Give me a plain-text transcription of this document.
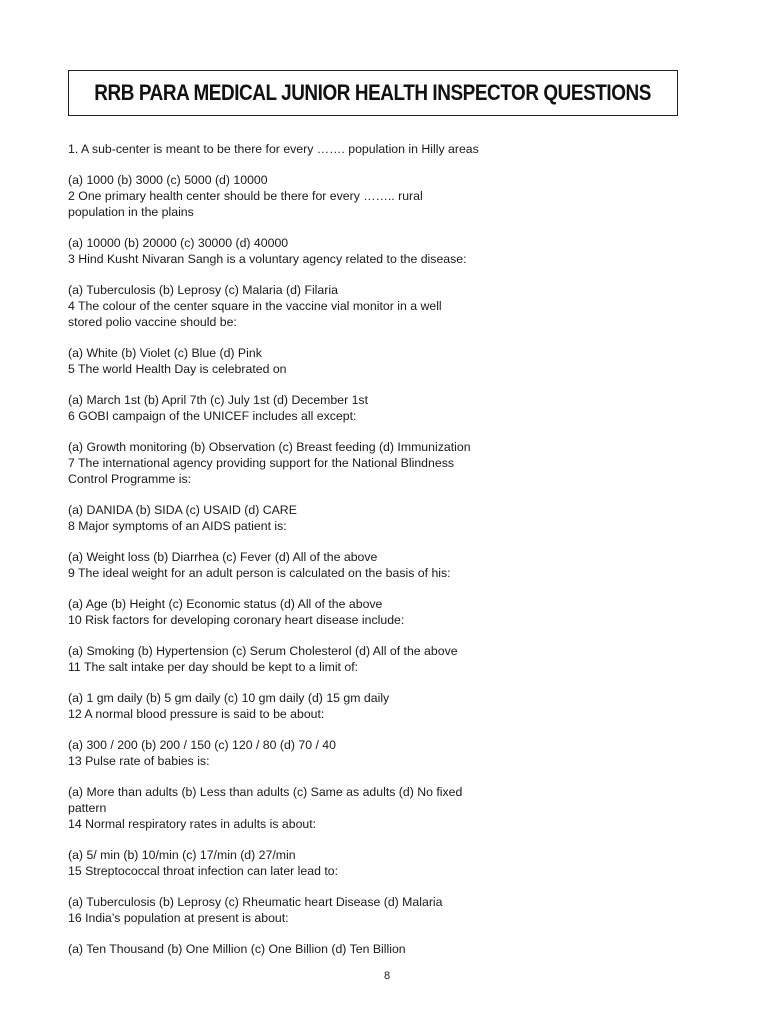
RRB PARA MEDICAL JUNIOR HEALTH INSPECTOR QUESTIONS
1. A sub-center is meant to be there for every ……. population in Hilly areas
(a) 1000 (b) 3000 (c) 5000 (d) 10000
2 One primary health center should be there for every …….. rural
population in the plains
(a) 10000 (b) 20000 (c) 30000 (d) 40000
3 Hind Kusht Nivaran Sangh is a voluntary agency related to the disease:
(a) Tuberculosis (b) Leprosy (c) Malaria (d) Filaria
4 The colour of the center square in the vaccine vial monitor in a well
stored polio vaccine should be:
(a) White (b) Violet (c) Blue (d) Pink
5 The world Health Day is celebrated on
(a) March 1st (b) April 7th (c) July 1st (d) December 1st
6 GOBI campaign of the UNICEF includes all except:
(a) Growth monitoring (b) Observation (c) Breast feeding (d) Immunization
7 The international agency providing support for the National Blindness
Control Programme is:
(a) DANIDA (b) SIDA (c) USAID (d) CARE
8 Major symptoms of an AIDS patient is:
(a) Weight loss (b) Diarrhea (c) Fever (d) All of the above
9 The ideal weight for an adult person is calculated on the basis of his:
(a) Age (b) Height (c) Economic status (d) All of the above
10 Risk factors for developing coronary heart disease include:
(a) Smoking (b) Hypertension (c) Serum Cholesterol (d) All of the above
11 The salt intake per day should be kept to a limit of:
(a) 1 gm daily (b) 5 gm daily (c) 10 gm daily (d) 15 gm daily
12 A normal blood pressure is said to be about:
(a) 300 / 200 (b) 200 / 150 (c) 120 / 80 (d) 70 / 40
13 Pulse rate of babies is:
(a) More than adults (b) Less than adults (c) Same as adults (d) No fixed
pattern
14 Normal respiratory rates in adults is about:
(a) 5/ min (b) 10/min (c) 17/min (d) 27/min
15 Streptococcal throat infection can later lead to:
(a) Tuberculosis (b) Leprosy (c) Rheumatic heart Disease (d) Malaria
16 India’s population at present is about:
(a) Ten Thousand (b) One Million (c) One Billion (d) Ten Billion
8
